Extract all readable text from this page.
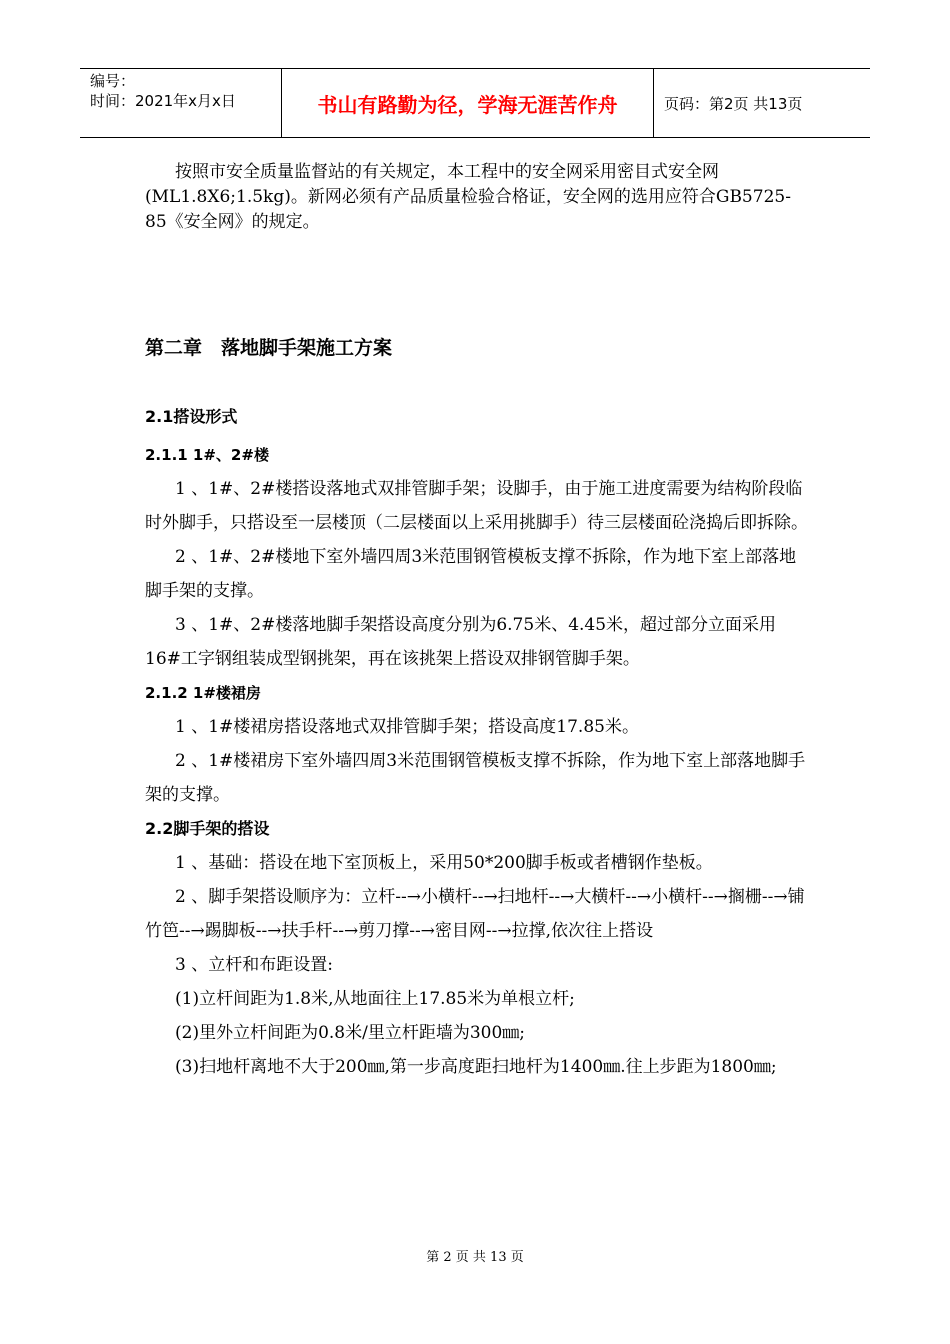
编号：
时间：2021年x月x日	书山有路勤为径，学海无涯苦作舟	页码：第2页 共13页

按照市安全质量监督站的有关规定，本工程中的安全网采用密目式安全网(ML1.8X6;1.5kg)。新网必须有产品质量检验合格证，安全网的选用应符合GB5725-85《安全网》的规定。

第二章　落地脚手架施工方案
2.1搭设形式
2.1.1 1#、2#楼

1 、1#、2#楼搭设落地式双排管脚手架；设脚手，由于施工进度需要为结构阶段临时外脚手，只搭设至一层楼顶（二层楼面以上采用挑脚手）待三层楼面砼浇捣后即拆除。

2 、1#、2#楼地下室外墙四周3米范围钢管模板支撑不拆除，作为地下室上部落地脚手架的支撑。

3 、1#、2#楼落地脚手架搭设高度分别为6.75米、4.45米，超过部分立面采用16#工字钢组装成型钢挑架，再在该挑架上搭设双排钢管脚手架。

2.1.2 1#楼裙房

1 、1#楼裙房搭设落地式双排管脚手架；搭设高度17.85米。

2 、1#楼裙房下室外墙四周3米范围钢管模板支撑不拆除，作为地下室上部落地脚手架的支撑。

2.2脚手架的搭设

1 、基础：搭设在地下室顶板上，采用50*200脚手板或者槽钢作垫板。

2 、脚手架搭设顺序为：立杆--→小横杆--→扫地杆--→大横杆--→小横杆--→搁栅--→铺竹笆--→踢脚板--→扶手杆--→剪刀撑--→密目网--→拉撑,依次往上搭设

3 、立杆和布距设置:

(1)立杆间距为1.8米,从地面往上17.85米为单根立杆;

(2)里外立杆间距为0.8米/里立杆距墙为300㎜;

(3)扫地杆离地不大于200㎜,第一步高度距扫地杆为1400㎜.往上步距为1800㎜;

第 2 页 共 13 页
